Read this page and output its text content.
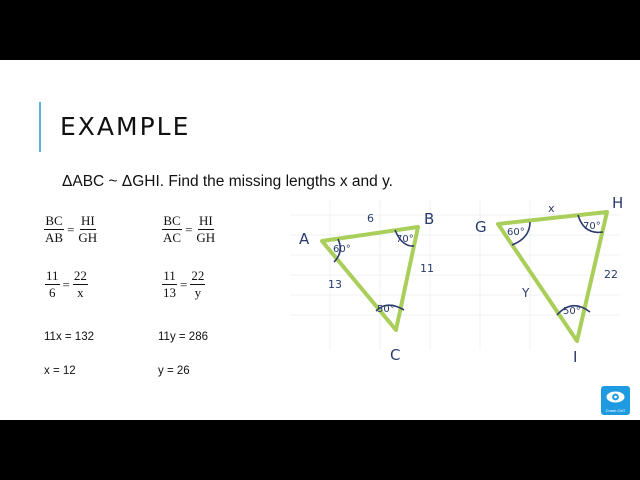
EXAMPLE
ΔABC ~ ΔGHI. Find the missing lengths x and y.
$\frac{BC}{AB} = \frac{HI}{GH}$
$\frac{11}{6} = \frac{22}{x}$
11x = 132
x = 12
$\frac{BC}{AC} = \frac{HI}{GH}$
$\frac{11}{13} = \frac{22}{y}$
11y = 286
y = 26
A
B
C
60°
70°
50°
6
11
13
G
H
I
60°
70°
50°
x
22
Y
Crash OAT
